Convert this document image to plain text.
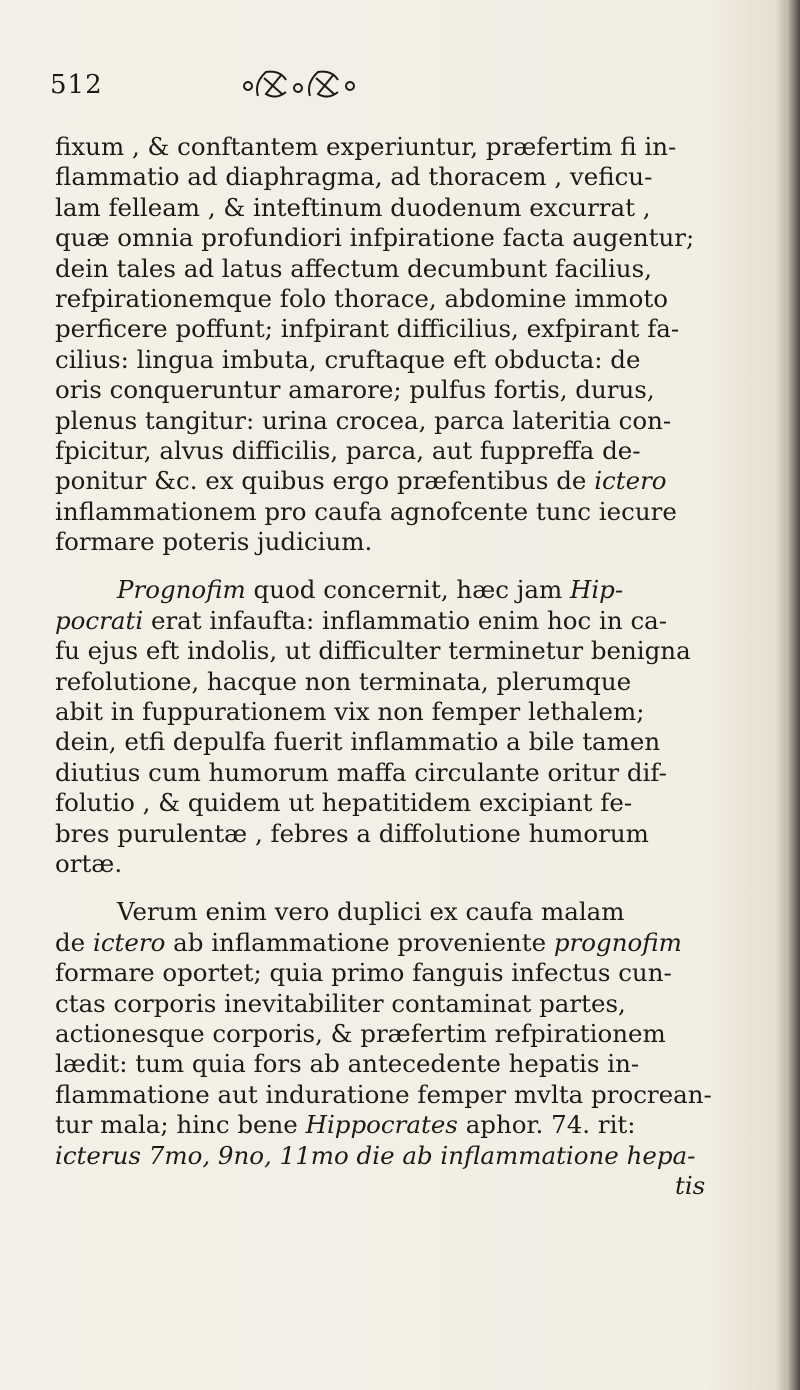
512
fixum , & conftantem experiuntur, præfertim fi in-
flammatio ad diaphragma, ad thoracem , veficu-
lam felleam , & inteftinum duodenum excurrat ,
quæ omnia profundiori infpiratione facta augentur;
dein tales ad latus affectum decumbunt facilius,
refpirationemque folo thorace, abdomine immoto
perficere poffunt; infpirant difficilius, exfpirant fa-
cilius: lingua imbuta, cruftaque eft obducta: de
oris conqueruntur amarore; pulfus fortis, durus,
plenus tangitur: urina crocea, parca lateritia con-
fpicitur, alvus difficilis, parca, aut fuppreffa de-
ponitur &c. ex quibus ergo præfentibus de ictero
inflammationem pro caufa agnofcente tunc iecure
formare poteris judicium.
Prognofim quod concernit, hæc jam Hip-
pocrati erat infaufta: inflammatio enim hoc in ca-
fu ejus eft indolis, ut difficulter terminetur benigna
refolutione, hacque non terminata, plerumque
abit in fuppurationem vix non femper lethalem;
dein, etfi depulfa fuerit inflammatio a bile tamen
diutius cum humorum maffa circulante oritur dif-
folutio , & quidem ut hepatitidem excipiant fe-
bres purulentæ , febres a diffolutione humorum
ortæ.
Verum enim vero duplici ex caufa malam
de ictero ab inflammatione proveniente prognofim
formare oportet; quia primo fanguis infectus cun-
ctas corporis inevitabiliter contaminat partes,
actionesque corporis, & præfertim refpirationem
lædit: tum quia fors ab antecedente hepatis in-
flammatione aut induratione femper mvlta procrean-
tur mala; hinc bene Hippocrates aphor. 74. rit:
icterus 7mo, 9no, 11mo die ab inflammatione hepa-
tis
